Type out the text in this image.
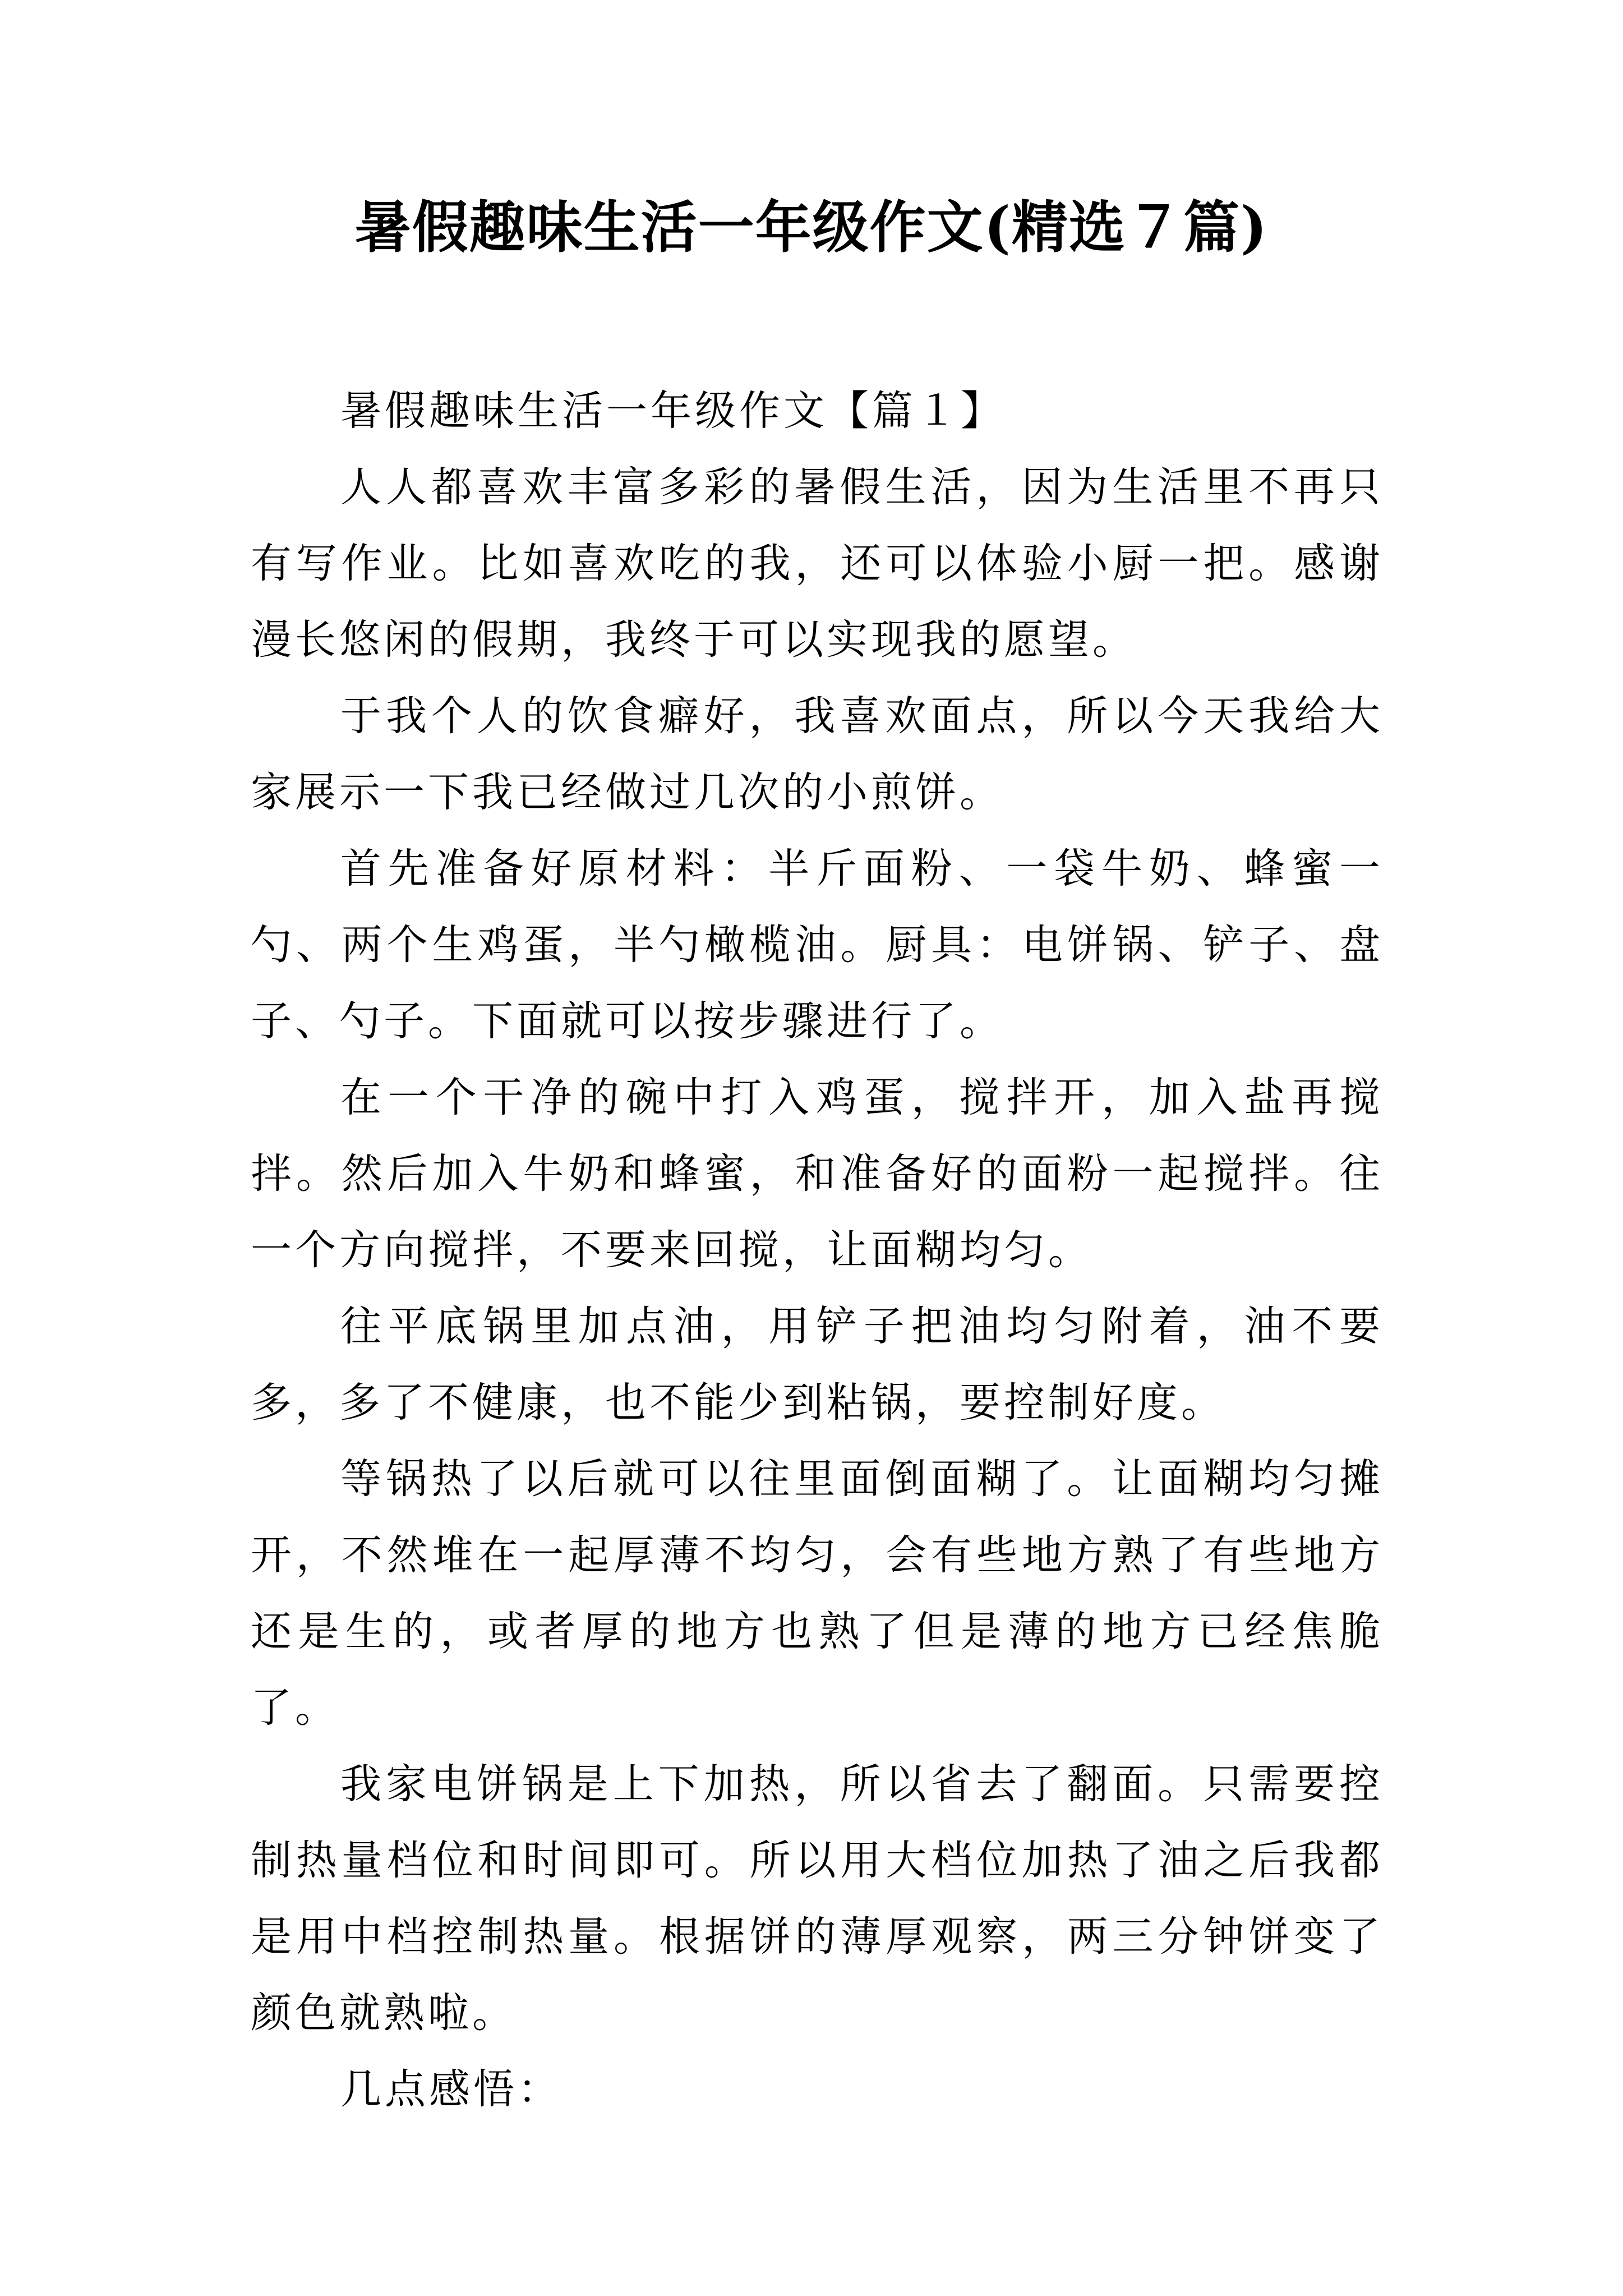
暑假趣味生活一年级作文(精选７篇)

暑假趣味生活一年级作文【篇１】

人人都喜欢丰富多彩的暑假生活，因为生活里不再只有写作业。比如喜欢吃的我，还可以体验小厨一把。感谢漫长悠闲的假期，我终于可以实现我的愿望。

于我个人的饮食癖好，我喜欢面点，所以今天我给大家展示一下我已经做过几次的小煎饼。

首先准备好原材料：半斤面粉、一袋牛奶、蜂蜜一勺、两个生鸡蛋，半勺橄榄油。厨具：电饼锅、铲子、盘子、勺子。下面就可以按步骤进行了。

在一个干净的碗中打入鸡蛋，搅拌开，加入盐再搅拌。然后加入牛奶和蜂蜜，和准备好的面粉一起搅拌。往一个方向搅拌，不要来回搅，让面糊均匀。

往平底锅里加点油，用铲子把油均匀附着，油不要多，多了不健康，也不能少到粘锅，要控制好度。

等锅热了以后就可以往里面倒面糊了。让面糊均匀摊开，不然堆在一起厚薄不均匀，会有些地方熟了有些地方还是生的，或者厚的地方也熟了但是薄的地方已经焦脆了。

我家电饼锅是上下加热，所以省去了翻面。只需要控制热量档位和时间即可。所以用大档位加热了油之后我都是用中档控制热量。根据饼的薄厚观察，两三分钟饼变了颜色就熟啦。

几点感悟：
